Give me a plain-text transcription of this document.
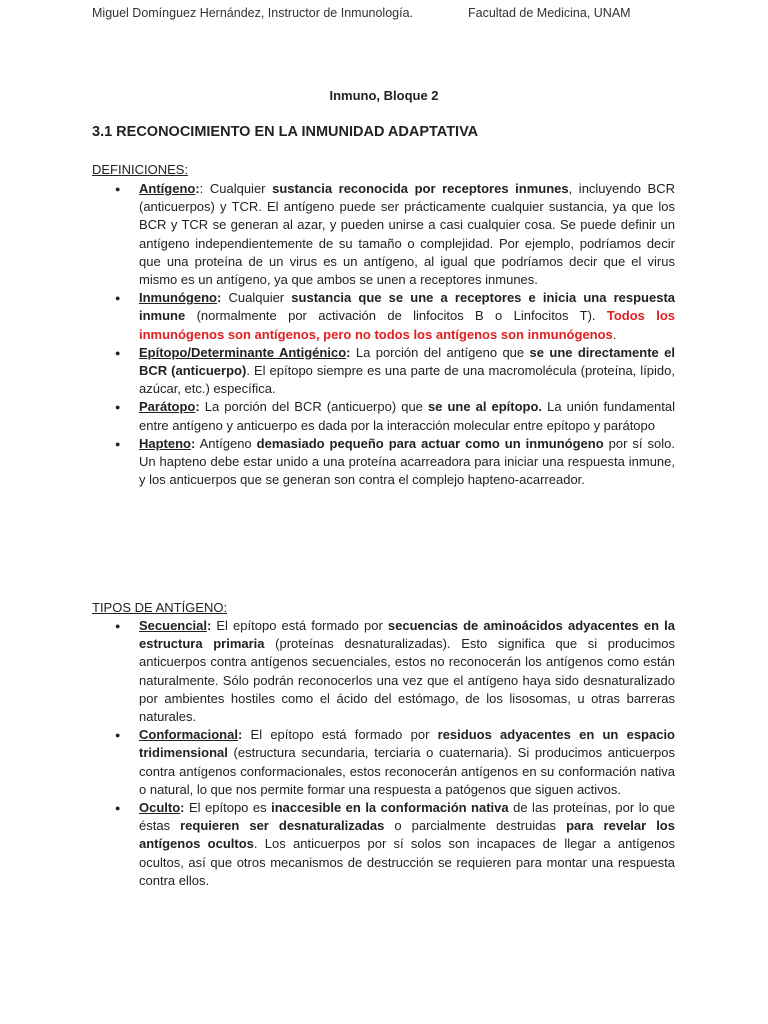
Miguel Domínguez Hernández, Instructor de Inmunología.	Facultad de Medicina, UNAM
Inmuno, Bloque 2
3.1 RECONOCIMIENTO EN LA INMUNIDAD ADAPTATIVA
DEFINICIONES:
● Antígeno:: Cualquier sustancia reconocida por receptores inmunes, incluyendo BCR (anticuerpos) y TCR. El antígeno puede ser prácticamente cualquier sustancia, ya que los BCR y TCR se generan al azar, y pueden unirse a casi cualquier cosa. Se puede definir un antígeno independientemente de su tamaño o complejidad. Por ejemplo, podríamos decir que una proteína de un virus es un antígeno, al igual que podríamos decir que el virus mismo es un antígeno, ya que ambos se unen a receptores inmunes.
● Inmunógeno: Cualquier sustancia que se une a receptores e inicia una respuesta inmune (normalmente por activación de linfocitos B o Linfocitos T). Todos los inmunógenos son antígenos, pero no todos los antígenos son inmunógenos.
● Epítopo/Determinante Antigénico: La porción del antígeno que se une directamente el BCR (anticuerpo). El epítopo siempre es una parte de una macromolécula (proteína, lípido, azúcar, etc.) específica.
● Parátopo: La porción del BCR (anticuerpo) que se une al epítopo. La unión fundamental entre antígeno y anticuerpo es dada por la interacción molecular entre epítopo y parátopo
● Hapteno: Antígeno demasiado pequeño para actuar como un inmunógeno por sí solo. Un hapteno debe estar unido a una proteína acarreadora para iniciar una respuesta inmune, y los anticuerpos que se generan son contra el complejo hapteno-acarreador.
TIPOS DE ANTÍGENO:
● Secuencial: El epítopo está formado por secuencias de aminoácidos adyacentes en la estructura primaria (proteínas desnaturalizadas). Esto significa que si producimos anticuerpos contra antígenos secuenciales, estos no reconocerán los antígenos como están naturalmente. Sólo podrán reconocerlos una vez que el antígeno haya sido desnaturalizado por ambientes hostiles como el ácido del estómago, de los lisosomas, u otras barreras naturales.
● Conformacional: El epítopo está formado por residuos adyacentes en un espacio tridimensional (estructura secundaria, terciaria o cuaternaria). Si producimos anticuerpos contra antígenos conformacionales, estos reconocerán antígenos en su conformación nativa o natural, lo que nos permite formar una respuesta a patógenos que siguen activos.
● Oculto: El epítopo es inaccesible en la conformación nativa de las proteínas, por lo que éstas requieren ser desnaturalizadas o parcialmente destruidas para revelar los antígenos ocultos. Los anticuerpos por sí solos son incapaces de llegar a antígenos ocultos, así que otros mecanismos de destrucción se requieren para montar una respuesta contra ellos.
